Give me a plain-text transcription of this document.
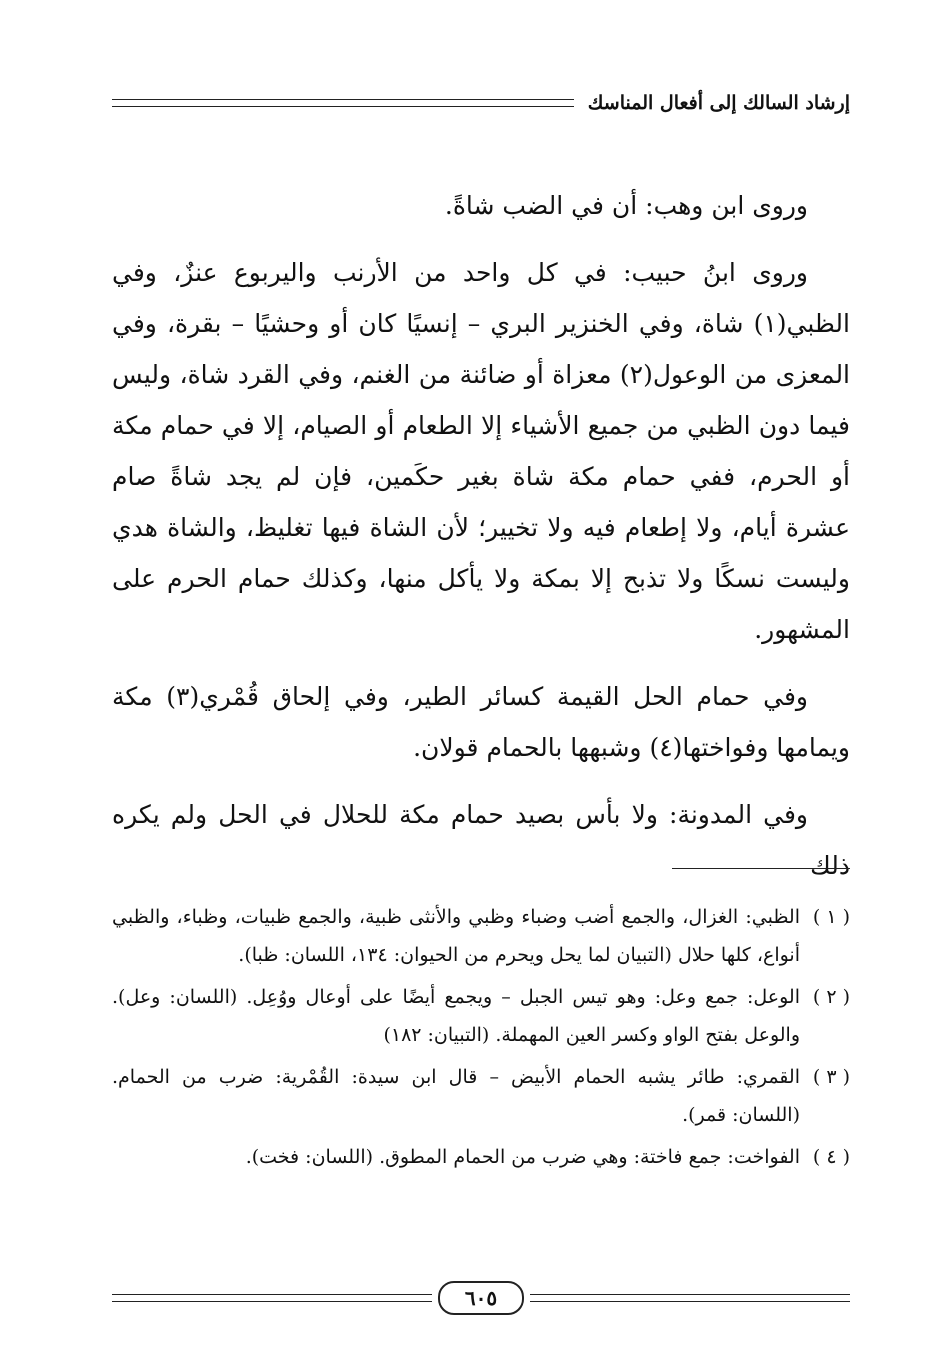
إرشاد السالك إلى أفعال المناسك

وروى ابن وهب: أن في الضب شاةً.

وروى ابنُ حبيب: في كل واحد من الأرنب واليربوع عنزٌ، وفي الظبي(١) شاة، وفي الخنزير البري – إنسيًا كان أو وحشيًا – بقرة، وفي المعزى من الوعول(٢) معزاة أو ضائنة من الغنم، وفي القرد شاة، وليس فيما دون الظبي من جميع الأشياء إلا الطعام أو الصيام، إلا في حمام مكة أو الحرم، ففي حمام مكة شاة بغير حكَمين، فإن لم يجد شاةً صام عشرة أيام، ولا إطعام فيه ولا تخيير؛ لأن الشاة فيها تغليظ، والشاة هدي وليست نسكًا ولا تذبح إلا بمكة ولا يأكل منها، وكذلك حمام الحرم على المشهور.

وفي حمام الحل القيمة كسائر الطير، وفي إلحاق قُمْري(٣) مكة ويمامها وفواختها(٤) وشبهها بالحمام قولان.

وفي المدونة: ولا بأس بصيد حمام مكة للحلال في الحل ولم يكره ذلك

( ١ )
الظبي: الغزال، والجمع أضب وضباء وظبي والأنثى ظبية، والجمع ظبيات، وظباء، والظبي أنواع، كلها حلال (التبيان لما يحل ويحرم من الحيوان: ١٣٤، اللسان: ظبا).
( ٢ )
الوعل: جمع وعل: وهو تيس الجبل – ويجمع أيضًا على أوعال ووُعِل. (اللسان: وعل). والوعل بفتح الواو وكسر العين المهملة. (التبيان: ١٨٢)
( ٣ )
القمري: طائر يشبه الحمام الأبيض – قال ابن سيدة: القُمْرية: ضرب من الحمام. (اللسان: قمر).
( ٤ )
الفواخت: جمع فاختة: وهي ضرب من الحمام المطوق. (اللسان: فخت).
٦٠٥
